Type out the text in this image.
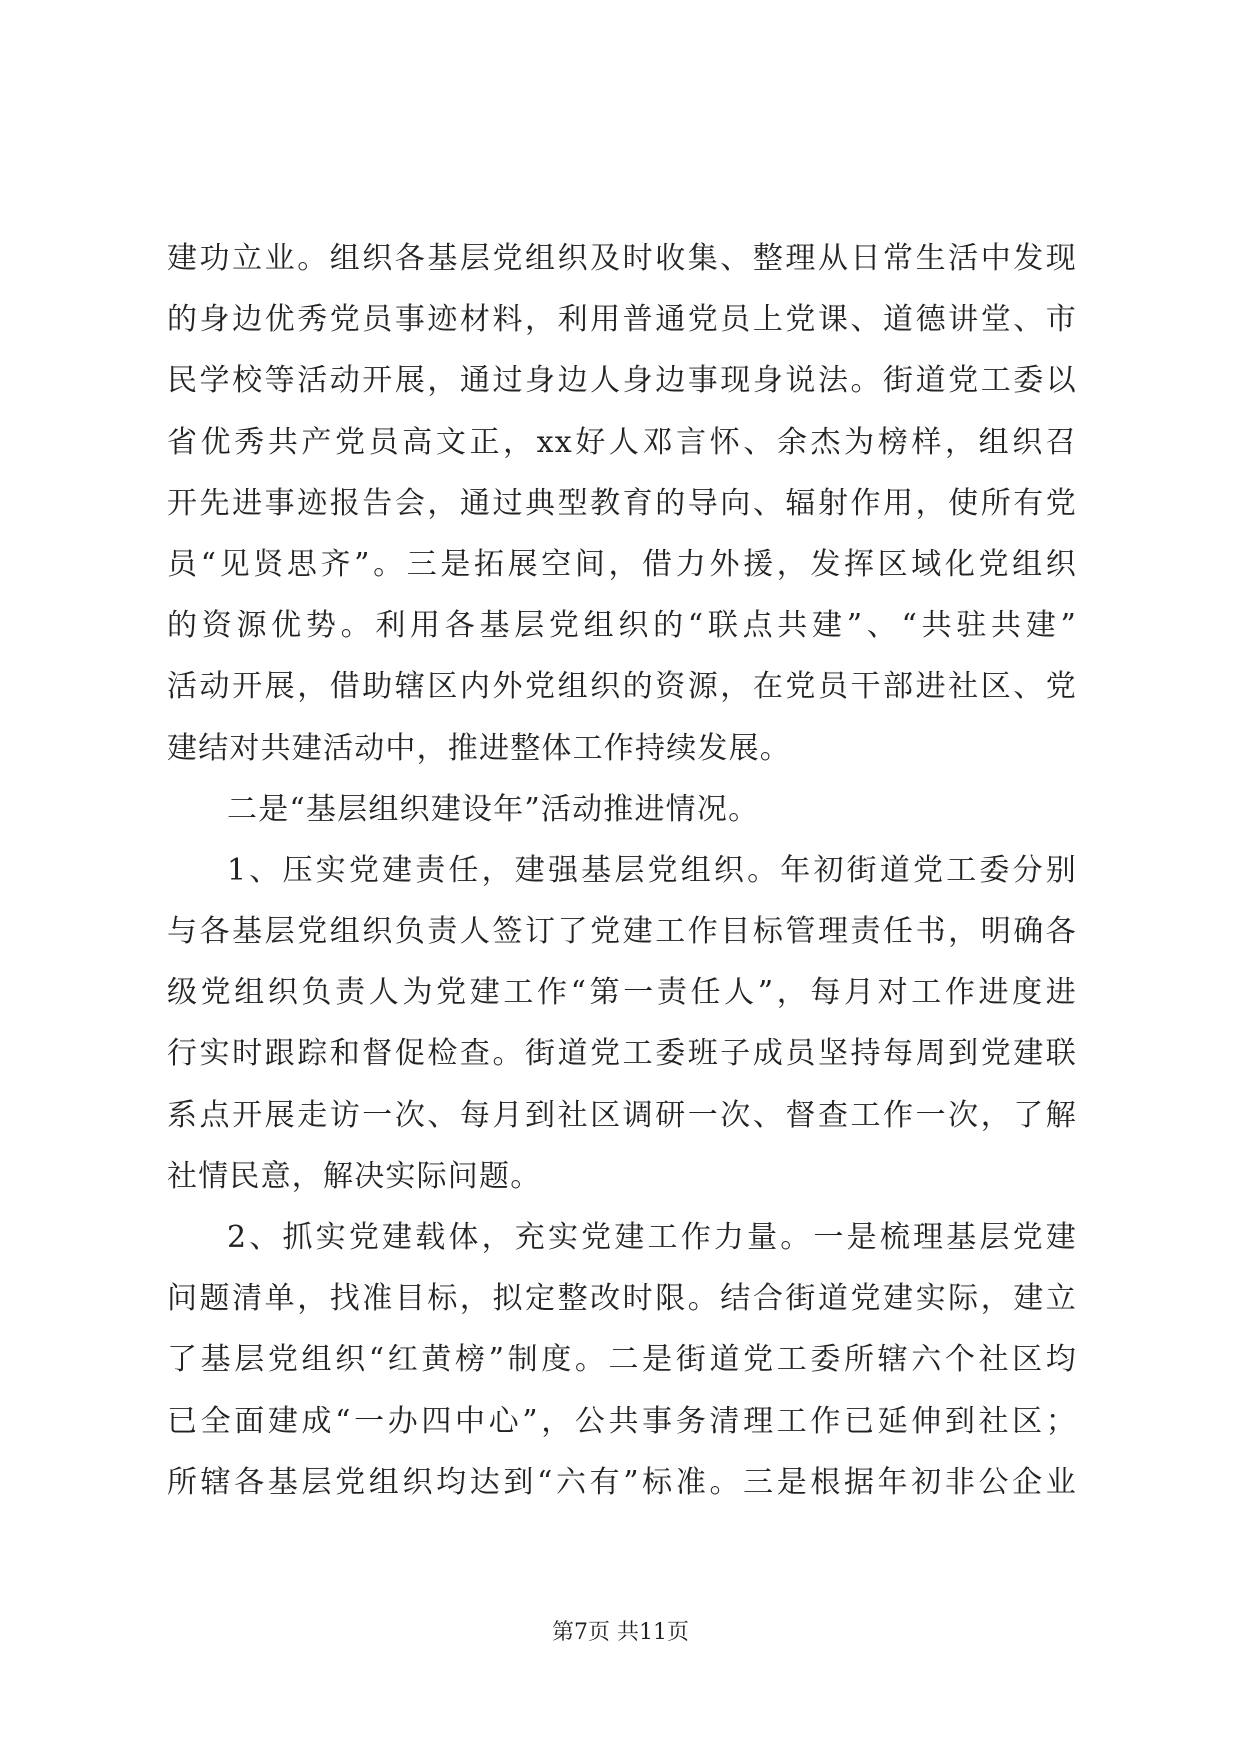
建功立业。组织各基层党组织及时收集、整理从日常生活中发现
的身边优秀党员事迹材料，利用普通党员上党课、道德讲堂、市
民学校等活动开展，通过身边人身边事现身说法。街道党工委以
省优秀共产党员高文正，xx好人邓言怀、余杰为榜样，组织召
开先进事迹报告会，通过典型教育的导向、辐射作用，使所有党
员“见贤思齐”。三是拓展空间，借力外援，发挥区域化党组织
的资源优势。利用各基层党组织的“联点共建”、“共驻共建”
活动开展，借助辖区内外党组织的资源，在党员干部进社区、党
建结对共建活动中，推进整体工作持续发展。
二是“基层组织建设年”活动推进情况。
1、压实党建责任，建强基层党组织。年初街道党工委分别
与各基层党组织负责人签订了党建工作目标管理责任书，明确各
级党组织负责人为党建工作“第一责任人”，每月对工作进度进
行实时跟踪和督促检查。街道党工委班子成员坚持每周到党建联
系点开展走访一次、每月到社区调研一次、督查工作一次，了解
社情民意，解决实际问题。
2、抓实党建载体，充实党建工作力量。一是梳理基层党建
问题清单，找准目标，拟定整改时限。结合街道党建实际，建立
了基层党组织“红黄榜”制度。二是街道党工委所辖六个社区均
已全面建成“一办四中心”，公共事务清理工作已延伸到社区；
所辖各基层党组织均达到“六有”标准。三是根据年初非公企业
第7页 共11页
